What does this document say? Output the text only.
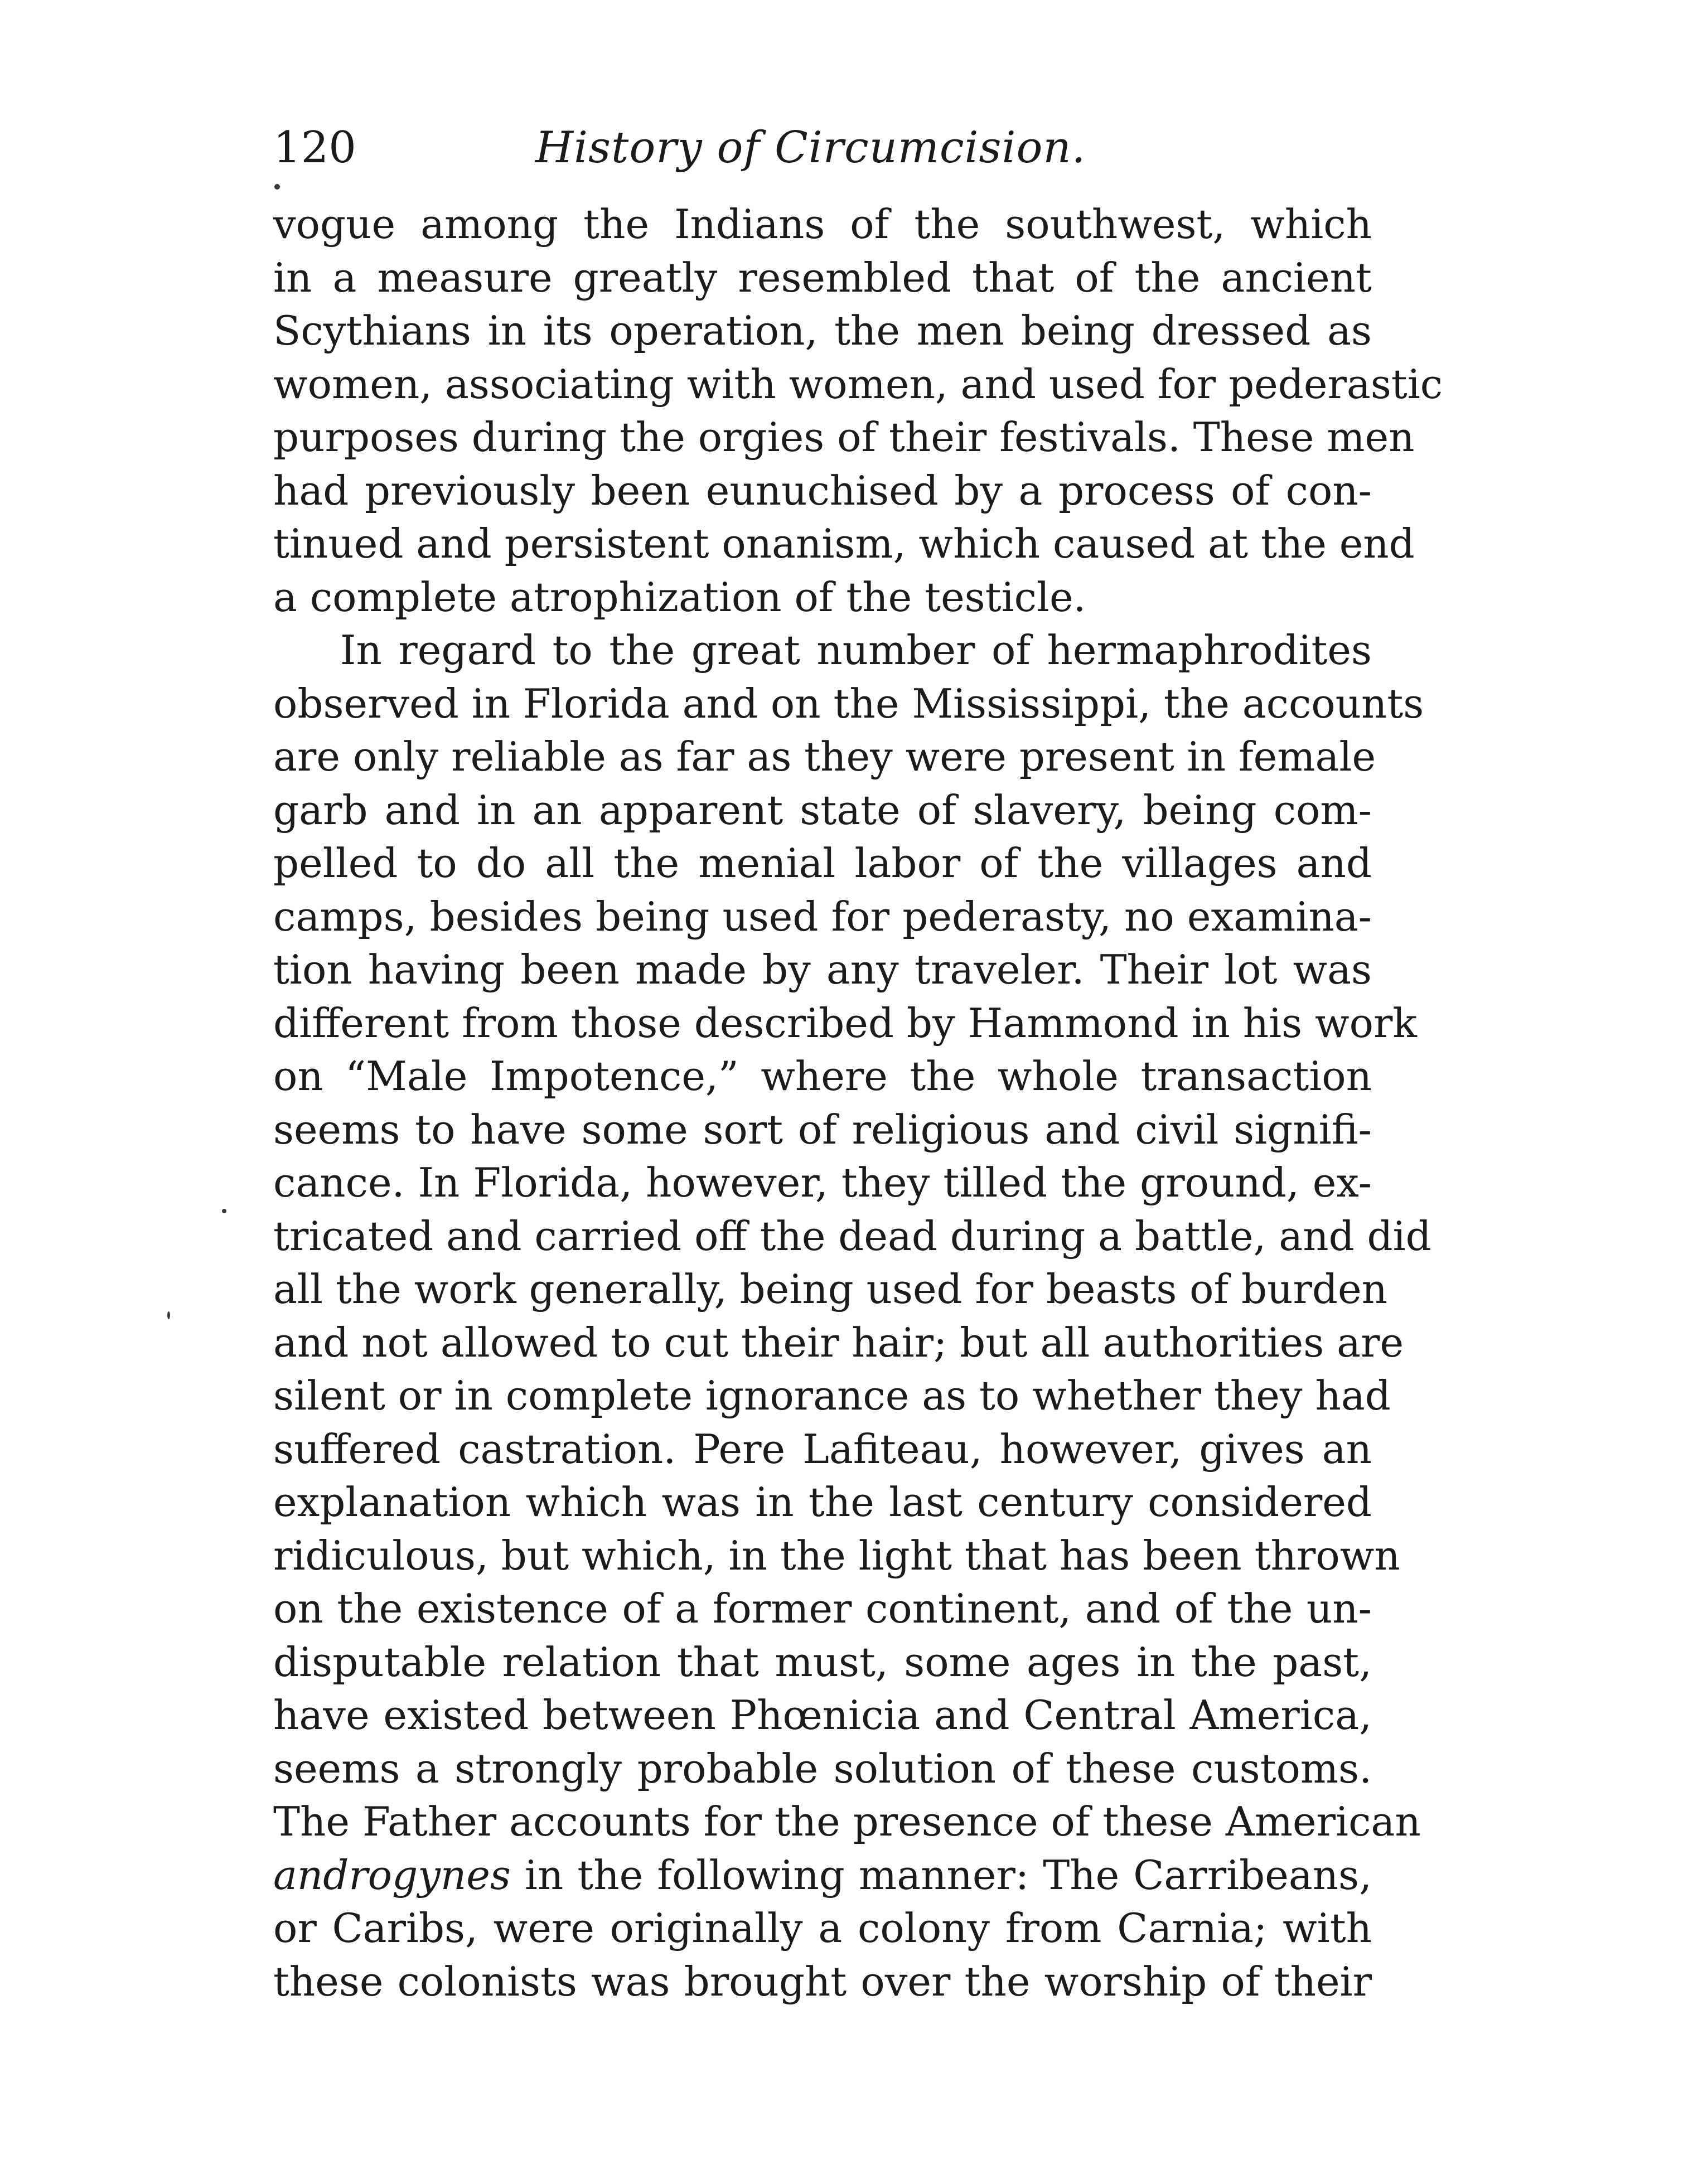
120	History of Circumcision.
vogue among the Indians of the southwest, which
in a measure greatly resembled that of the ancient
Scythians in its operation, the men being dressed as
women, associating with women, and used for pederastic
purposes during the orgies of their festivals. These men
had previously been eunuchised by a process of con-
tinued and persistent onanism, which caused at the end
a complete atrophization of the testicle.
In regard to the great number of hermaphrodites
observed in Florida and on the Mississippi, the accounts
are only reliable as far as they were present in female
garb and in an apparent state of slavery, being com-
pelled to do all the menial labor of the villages and
camps, besides being used for pederasty, no examina-
tion having been made by any traveler. Their lot was
different from those described by Hammond in his work
on “Male Impotence,” where the whole transaction
seems to have some sort of religious and civil signifi-
cance. In Florida, however, they tilled the ground, ex-
tricated and carried off the dead during a battle, and did
all the work generally, being used for beasts of burden
and not allowed to cut their hair; but all authorities are
silent or in complete ignorance as to whether they had
suffered castration. Pere Lafiteau, however, gives an
explanation which was in the last century considered
ridiculous, but which, in the light that has been thrown
on the existence of a former continent, and of the un-
disputable relation that must, some ages in the past,
have existed between Phœnicia and Central America,
seems a strongly probable solution of these customs.
The Father accounts for the presence of these American
androgynes in the following manner: The Carribeans,
or Caribs, were originally a colony from Carnia; with
these colonists was brought over the worship of their
